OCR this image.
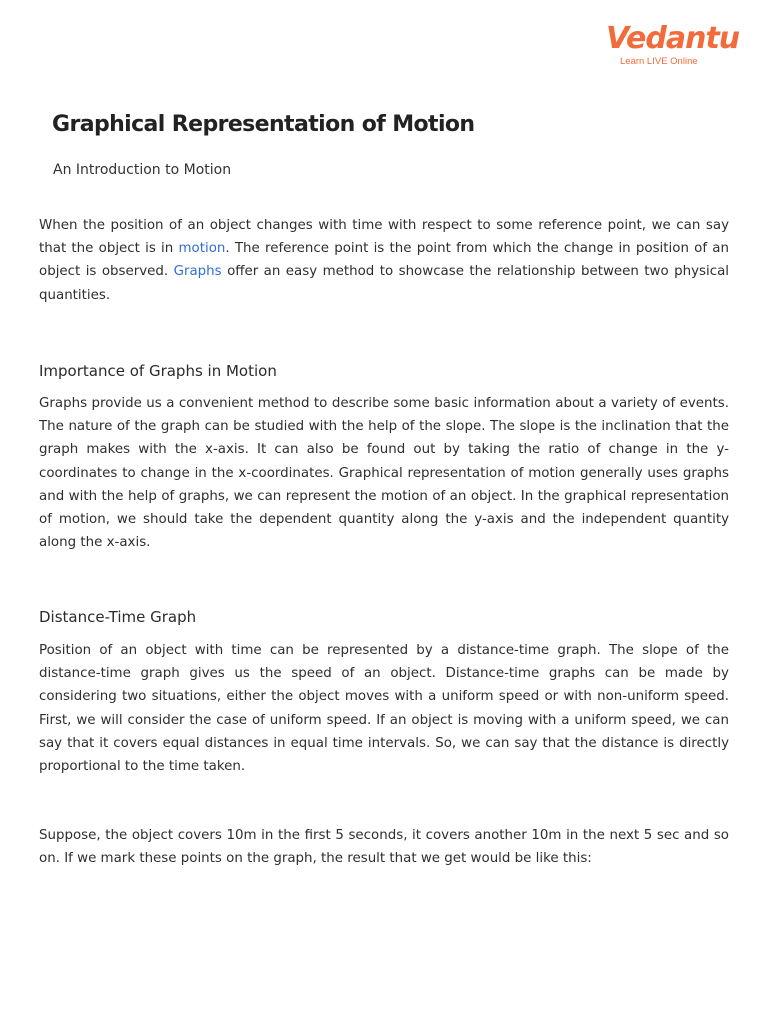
Vedantu
Learn LIVE Online
Graphical Representation of Motion
An Introduction to Motion

When the position of an object changes with time with respect to some reference point, we can say that the object is in motion. The reference point is the point from which the change in position of an object is observed. Graphs offer an easy method to showcase the relationship between two physical quantities.

Importance of Graphs in Motion

Graphs provide us a convenient method to describe some basic information about a variety of events. The nature of the graph can be studied with the help of the slope. The slope is the inclination that the graph makes with the x-axis. It can also be found out by taking the ratio of change in the y-coordinates to change in the x-coordinates. Graphical representation of motion generally uses graphs and with the help of graphs, we can represent the motion of an object. In the graphical representation of motion, we should take the dependent quantity along the y-axis and the independent quantity along the x-axis.

Distance-Time Graph

Position of an object with time can be represented by a distance-time graph. The slope of the distance-time graph gives us the speed of an object. Distance-time graphs can be made by considering two situations, either the object moves with a uniform speed or with non-uniform speed. First, we will consider the case of uniform speed. If an object is moving with a uniform speed, we can say that it covers equal distances in equal time intervals. So, we can say that the distance is directly proportional to the time taken.

Suppose, the object covers 10m in the first 5 seconds, it covers another 10m in the next 5 sec and so on. If we mark these points on the graph, the result that we get would be like this:
